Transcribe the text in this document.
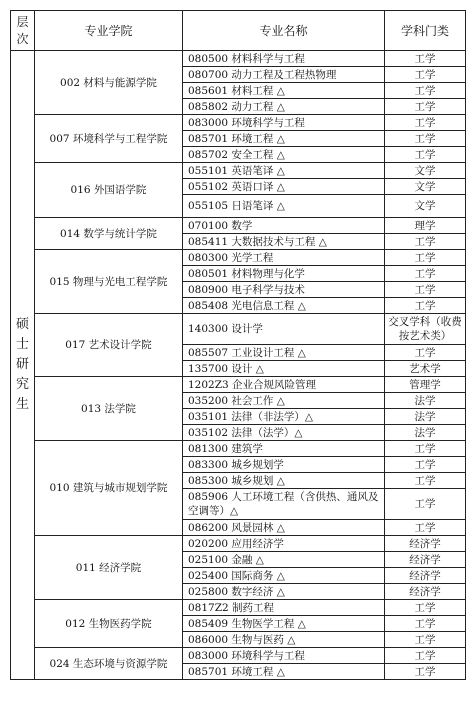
层次	专业学院	专业名称	学科门类
硕士研究生	002 材料与能源学院	080500 材料科学与工程	工学
		080700 动力工程及工程热物理	工学
		085601 材料工程 △	工学
		085802 动力工程 △	工学
	007 环境科学与工程学院	083000 环境科学与工程	工学
		085701 环境工程 △	工学
		085702 安全工程 △	工学
	016 外国语学院	055101 英语笔译 △	文学
		055102 英语口译 △	文学
		055105 日语笔译 △	文学
	014 数学与统计学院	070100 数学	理学
		085411 大数据技术与工程 △	工学
	015 物理与光电工程学院	080300 光学工程	工学
		080501 材料物理与化学	工学
		080900 电子科学与技术	工学
		085408 光电信息工程 △	工学
	017 艺术设计学院	140300 设计学	交叉学科（收费按艺术类）
		085507 工业设计工程 △	工学
		135700 设计 △	艺术学
	013 法学院	1202Z3 企业合规风险管理	管理学
		035200 社会工作 △	法学
		035101 法律（非法学）△	法学
		035102 法律（法学）△	法学
	010 建筑与城市规划学院	081300 建筑学	工学
		083300 城乡规划学	工学
		085300 城乡规划 △	工学
		085906 人工环境工程（含供热、通风及空调等）△	工学
		086200 风景园林 △	工学
	011 经济学院	020200 应用经济学	经济学
		025100 金融 △	经济学
		025400 国际商务 △	经济学
		025800 数字经济 △	经济学
	012 生物医药学院	0817Z2 制药工程	工学
		085409 生物医学工程 △	工学
		086000 生物与医药 △	工学
	024 生态环境与资源学院	083000 环境科学与工程	工学
		085701 环境工程 △	工学
